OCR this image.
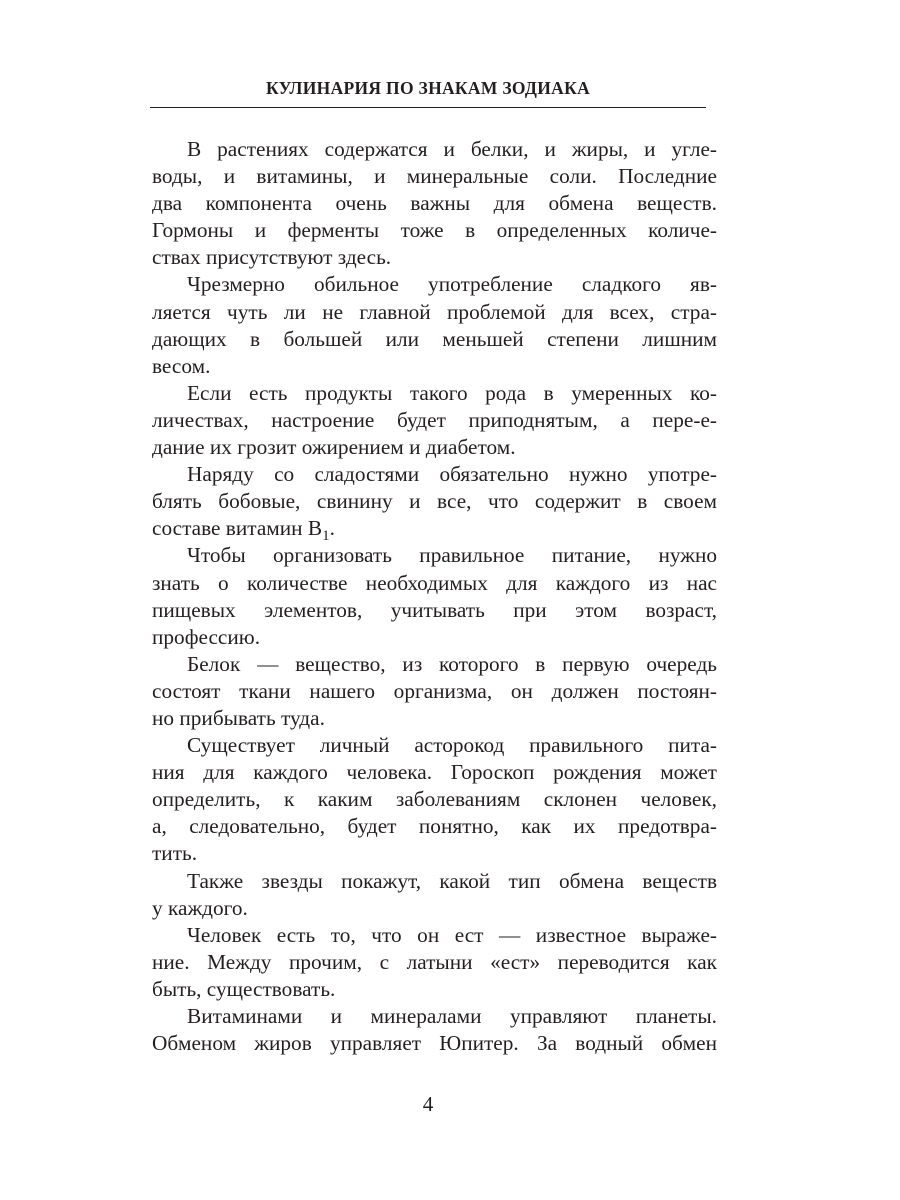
КУЛИНАРИЯ ПО ЗНАКАМ ЗОДИАКА
В растениях содержатся и белки, и жиры, и угле-
воды, и витамины, и минеральные соли. Последние
два компонента очень важны для обмена веществ.
Гормоны и ферменты тоже в определенных количе-
ствах присутствуют здесь.
Чрезмерно обильное употребление сладкого яв-
ляется чуть ли не главной проблемой для всех, стра-
дающих в большей или меньшей степени лишним
весом.
Если есть продукты такого рода в умеренных ко-
личествах, настроение будет приподнятым, а пере-е-
дание их грозит ожирением и диабетом.
Наряду со сладостями обязательно нужно употре-
блять бобовые, свинину и все, что содержит в своем
составе витамин $B_1$.
Чтобы организовать правильное питание, нужно
знать о количестве необходимых для каждого из нас
пищевых элементов, учитывать при этом возраст,
профессию.
Белок — вещество, из которого в первую очередь
состоят ткани нашего организма, он должен постоян-
но прибывать туда.
Существует личный асторокод правильного пита-
ния для каждого человека. Гороскоп рождения может
определить, к каким заболеваниям склонен человек,
а, следовательно, будет понятно, как их предотвра-
тить.
Также звезды покажут, какой тип обмена веществ
у каждого.
Человек есть то, что он ест — известное выраже-
ние. Между прочим, с латыни «ест» переводится как
быть, существовать.
Витаминами и минералами управляют планеты.
Обменом жиров управляет Юпитер. За водный обмен
4
